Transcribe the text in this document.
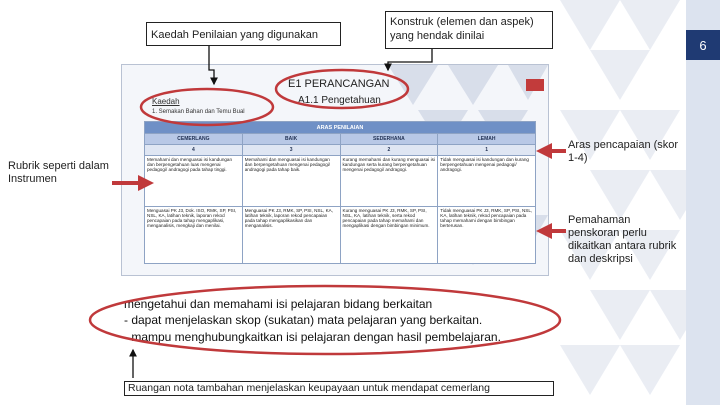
6
E1 PERANCANGAN
A1.1 Pengetahuan
Kaedah
1. Semakan Bahan dan Temu Bual
ARAS PENILAIAN			
CEMERLANG	BAIK	SEDERHANA	LEMAH
4	3	2	1
Memahami dan menguasai isi kandungan dan berpengetahuan luas mengenai pedagogi/ andragogi pada tahap tinggi.	Memahami dan menguasai isi kandungan dan berpengetahuan mengenai pedagogi/ andragogi pada tahap baik.	Kurang memahami dan kurang menguasai isi kandungan serta kurang berpengetahuan mengenai pedagogi/ andragogi.	Tidak menguasai isi kandungan dan kurang berpengetahuan mengenai pedagogi/ andragogi.
Menguasai PK J3, Dok. ISO, RMK, SP, PSI, NSL, KA, latihan teknik, laporan rekod pencapaian pada tahap mengaplikasi, menganalisis, mengkaji dan menilai.	Menguasai PK J3, RMK, SP, PSI, NSL, KA, latihan teknik, laporan rekod pencapaian pada tahap mengaplikasikan dan menganalisis.	Kurang menguasai PK J3, RMK, SP, PSI, NSL, KA, latihan teknik, serta rekod pencapaian pada tahap memahami dan mengaplikasi dengan bimbingan minimum.	Tidak menguasai PK J3, RMK, SP, PSI, NSL, KA, latihan teknik, rekod pencapaian pada tahap memahami dengan bimbingan berterusan.
Kaedah Penilaian yang digunakan
Konstruk (elemen dan aspek) yang hendak dinilai
Rubrik seperti dalam Instrumen
Aras pencapaian (skor 1-4)
Pemahaman penskoran perlu dikaitkan antara rubrik dan deskripsi
mengetahui dan memahami isi pelajaran bidang berkaitan
- dapat menjelaskan skop (sukatan) mata pelajaran yang berkaitan.
- mampu menghubungkaitkan isi pelajaran dengan hasil pembelajaran.
Ruangan nota tambahan menjelaskan keupayaan untuk mendapat cemerlang
